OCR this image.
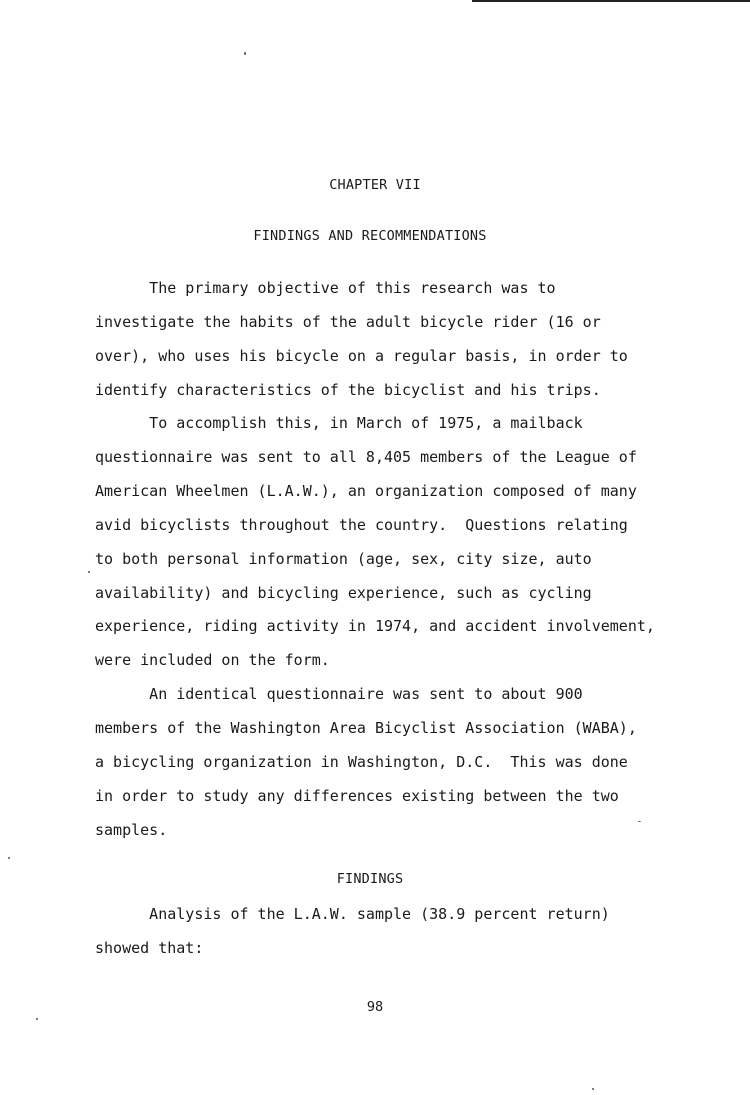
CHAPTER VII
FINDINGS AND RECOMMENDATIONS
The primary objective of this research was to
investigate the habits of the adult bicycle rider (16 or
over), who uses his bicycle on a regular basis, in order to
identify characteristics of the bicyclist and his trips.
To accomplish this, in March of 1975, a mailback
questionnaire was sent to all 8,405 members of the League of
American Wheelmen (L.A.W.), an organization composed of many
avid bicyclists throughout the country.  Questions relating
to both personal information (age, sex, city size, auto
availability) and bicycling experience, such as cycling
experience, riding activity in 1974, and accident involvement,
were included on the form.
An identical questionnaire was sent to about 900
members of the Washington Area Bicyclist Association (WABA),
a bicycling organization in Washington, D.C.  This was done
in order to study any differences existing between the two
samples.
FINDINGS
Analysis of the L.A.W. sample (38.9 percent return)
showed that:
98
